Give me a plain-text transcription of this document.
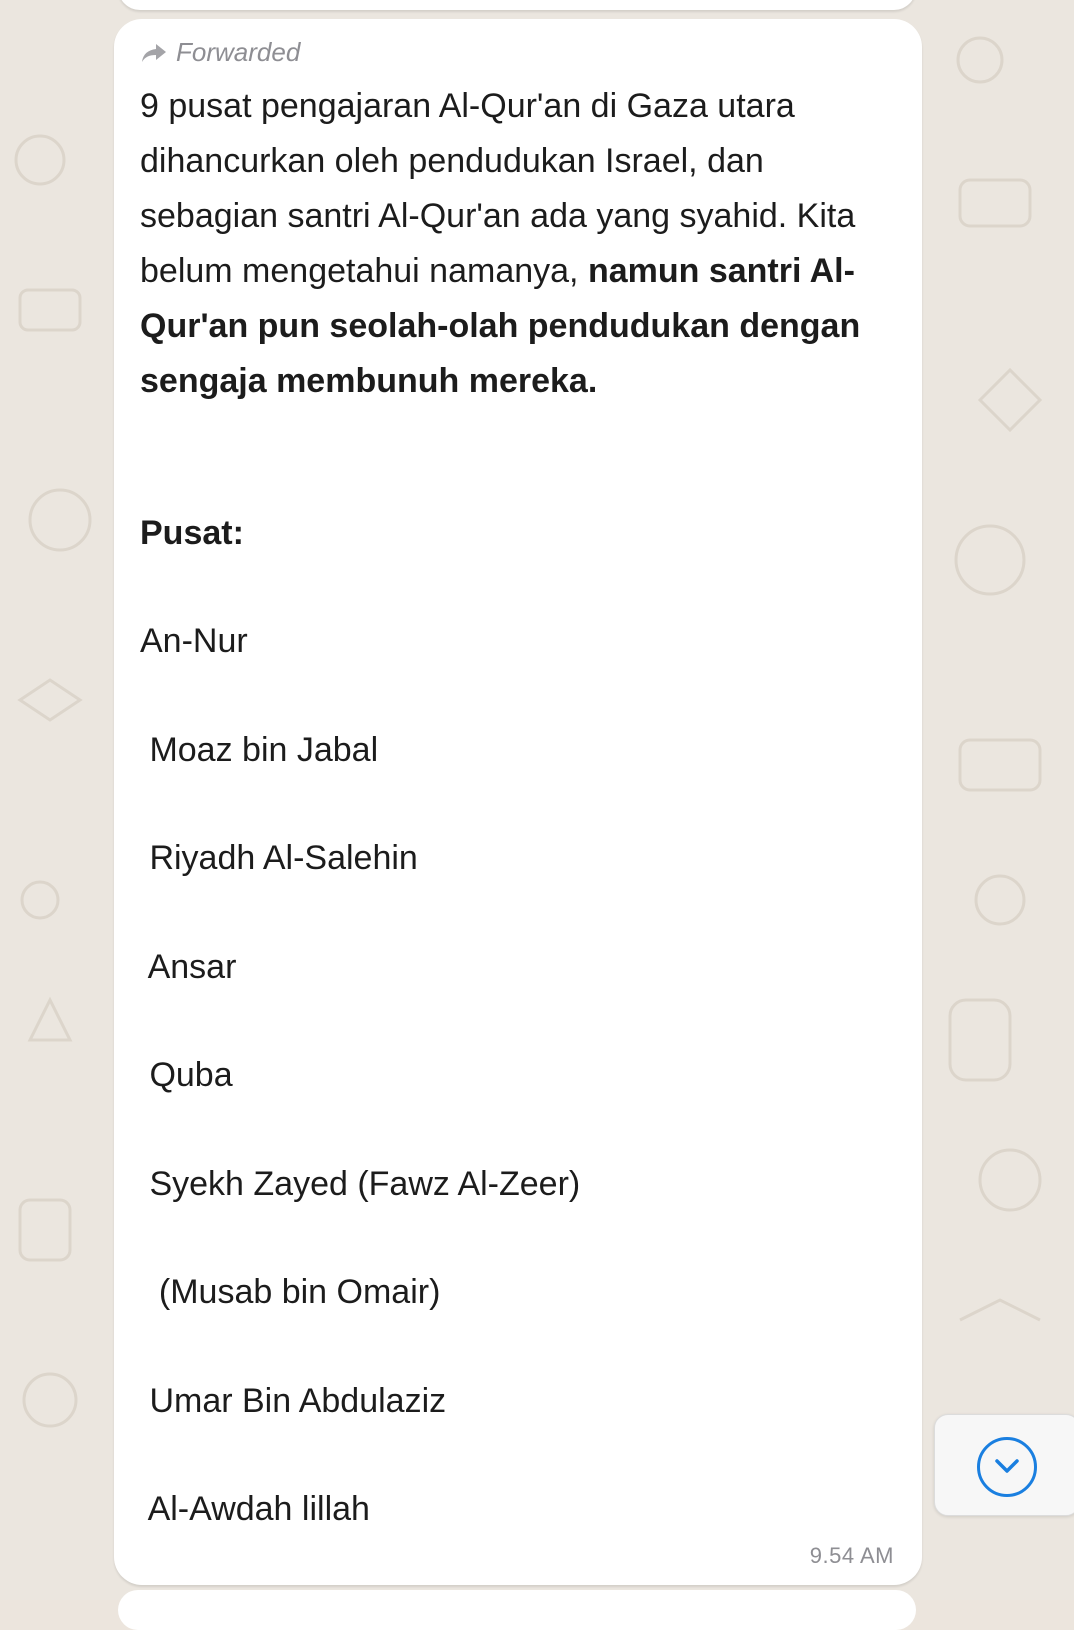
Forwarded
9 pusat pengajaran Al-Qur'an di Gaza utara dihancurkan oleh pendudukan Israel, dan sebagian santri Al-Qur'an ada yang syahid. Kita belum mengetahui namanya, namun santri Al-Qur'an pun seolah-olah pendudukan dengan sengaja membunuh mereka.
Pusat:
An-Nur
Moaz bin Jabal
Riyadh Al-Salehin
Ansar
Quba
Syekh Zayed (Fawz Al-Zeer)
(Musab bin Omair)
Umar Bin Abdulaziz
Al-Awdah lillah
9.54 AM
